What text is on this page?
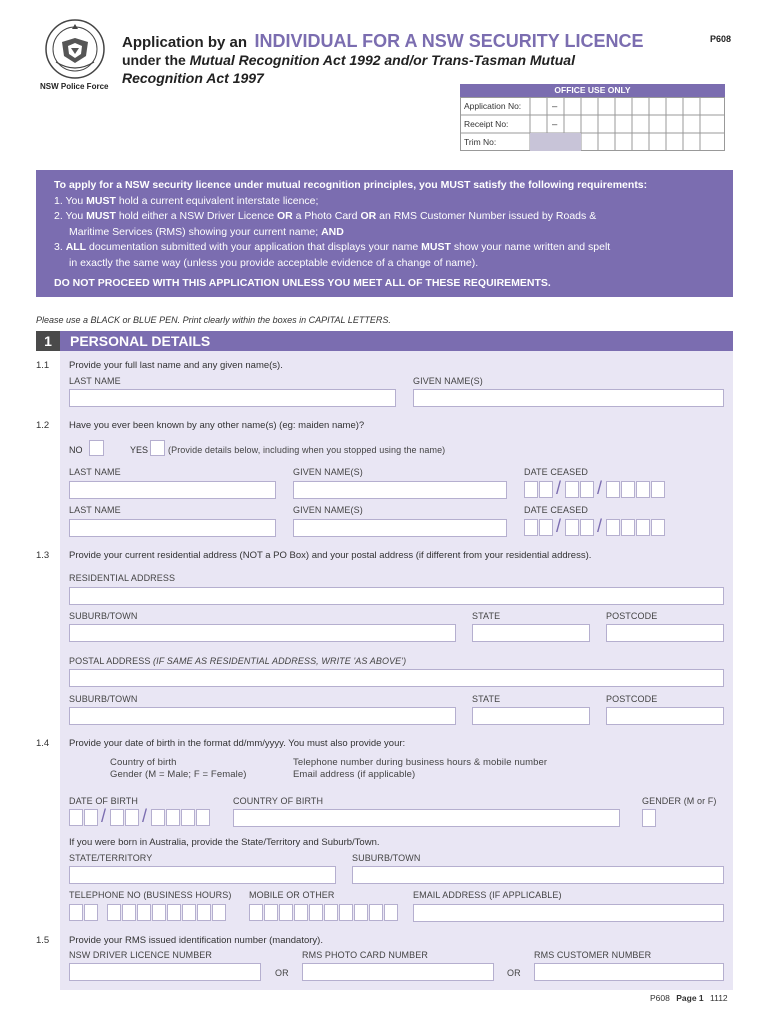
NSW Police Force
Application by an INDIVIDUAL FOR A NSW SECURITY LICENCE
under the Mutual Recognition Act 1992 and/or Trans-Tasman Mutual
Recognition Act 1997
P608
OFFICE USE ONLY
Application No:
Receipt No:
Trim No:
–
–
To apply for a NSW security licence under mutual recognition principles, you MUST satisfy the following requirements:
1. You MUST hold a current equivalent interstate licence;
2. You MUST hold either a NSW Driver Licence OR a Photo Card OR an RMS Customer Number issued by Roads &
Maritime Services (RMS) showing your current name; AND
3. ALL documentation submitted with your application that displays your name MUST show your name written and spelt
in exactly the same way (unless you provide acceptable evidence of a change of name).
DO NOT PROCEED WITH THIS APPLICATION UNLESS YOU MEET ALL OF THESE REQUIREMENTS.
Please use a BLACK or BLUE PEN. Print clearly within the boxes in CAPITAL LETTERS.
1	PERSONAL DETAILS
1.1 Provide your full last name and any given name(s).
LAST NAME	GIVEN NAME(S)
1.2 Have you ever been known by any other name(s) (eg: maiden name)?
NO	YES (Provide details below, including when you stopped using the name)
LAST NAME	GIVEN NAME(S)	DATE CEASED
/ /
LAST NAME	GIVEN NAME(S)	DATE CEASED
/ /
1.3 Provide your current residential address (NOT a PO Box) and your postal address (if different from your residential address).
RESIDENTIAL ADDRESS
SUBURB/TOWN	STATE	POSTCODE
POSTAL ADDRESS (IF SAME AS RESIDENTIAL ADDRESS, WRITE 'AS ABOVE')
SUBURB/TOWN	STATE	POSTCODE
1.4 Provide your date of birth in the format dd/mm/yyyy. You must also provide your:
Country of birth
Gender (M = Male; F = Female)
Telephone number during business hours & mobile number
Email address (if applicable)
DATE OF BIRTH	COUNTRY OF BIRTH	GENDER (M or F)
/ /
If you were born in Australia, provide the State/Territory and Suburb/Town.
STATE/TERRITORY	SUBURB/TOWN
TELEPHONE NO (BUSINESS HOURS) MOBILE OR OTHER	EMAIL ADDRESS (IF APPLICABLE)
1.5 Provide your RMS issued identification number (mandatory).
NSW DRIVER LICENCE NUMBER	RMS PHOTO CARD NUMBER	RMS CUSTOMER NUMBER
OR	OR
P608 Page 1 1112
